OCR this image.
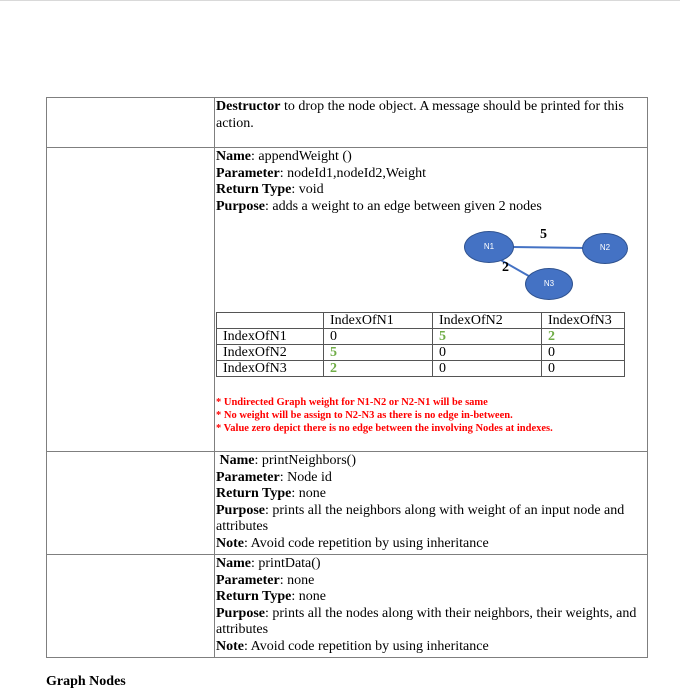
	Destructor to drop the node object. A message should be printed for this action.

Name: appendWeight ()
Parameter: nodeId1,nodeId2,Weight
Return Type: void
Purpose: adds a weight to an edge between given 2 nodes
N1	N2
N3
5
2
	IndexOfN1	IndexOfN2	IndexOfN3
IndexOfN1	0	5	2
IndexOfN2	5	0	0
IndexOfN3	2	0	0
* Undirected Graph weight for N1-N2 or N2-N1 will be same
* No weight will be assign to N2-N3 as there is no edge in-between.
* Value zero depict there is no edge between the involving Nodes at indexes.

Name: printNeighbors()
Parameter: Node id
Return Type: none
Purpose: prints all the neighbors along with weight of an input node and attributes
Note: Avoid code repetition by using inheritance

Name: printData()
Parameter: none
Return Type: none
Purpose: prints all the nodes along with their neighbors, their weights, and attributes
Note: Avoid code repetition by using inheritance
Graph Nodes
